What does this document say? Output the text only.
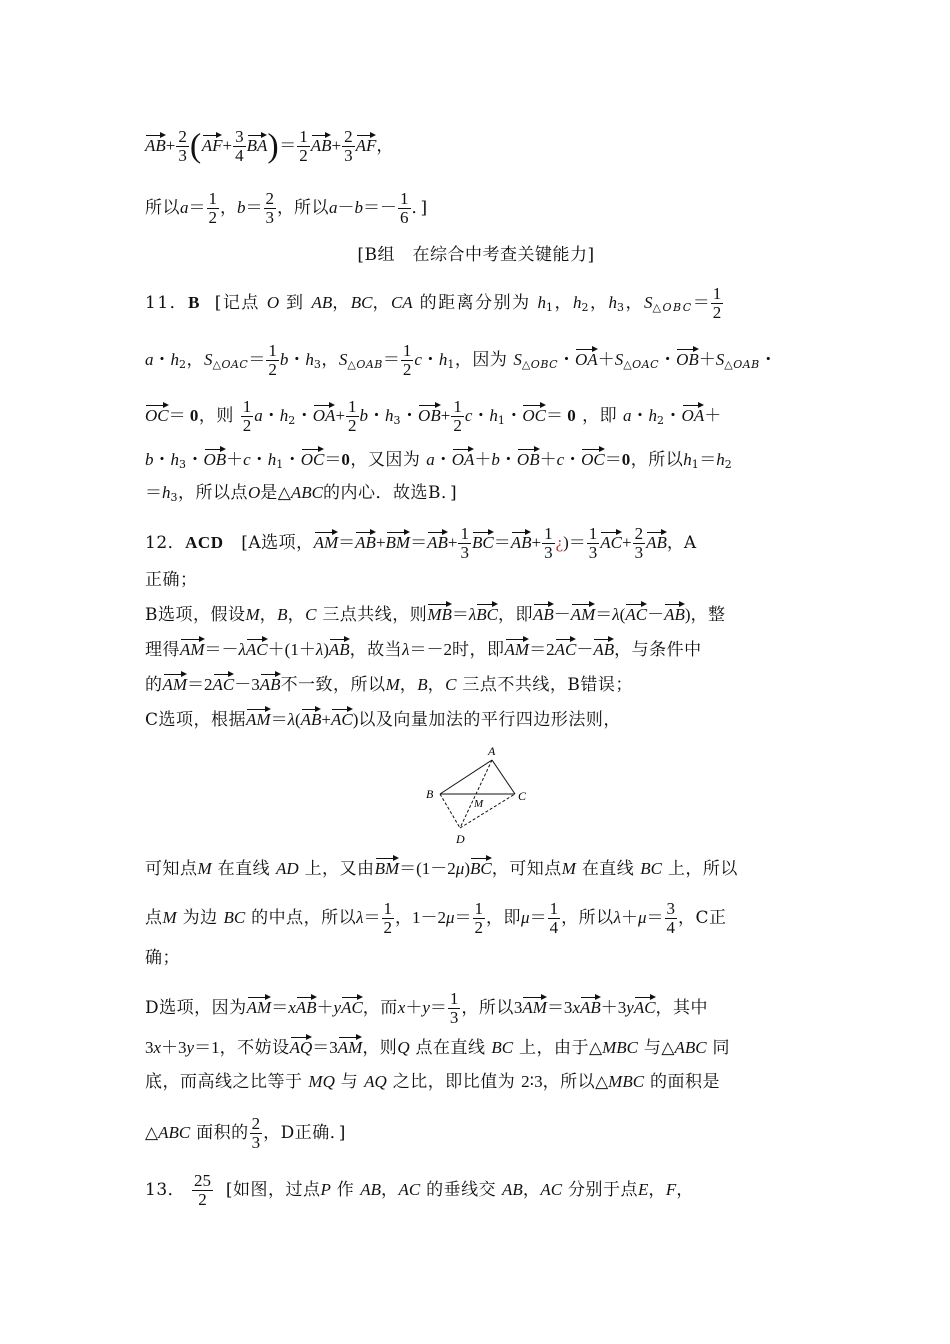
$AB+ \frac{2}{3} (AF+ \frac{3}{4} BA)= \frac{1}{2} AB+ \frac{2}{3}$ AF，
所以$a= \frac{1}{2}$ ，$b= \frac{2}{3}$ ，所以$a-b=- \frac{1}{6}$ ．]
[B组　在综合中考查关键能力]
11．B [记点 O 到 AB，BC，CA 的距离分别为 $h_1$，$h_2$，$h_3$，$S_{\triangle OBC}= \frac{1}{2}$
a・$h_2$，$S_{\triangle OAC}= \frac{1}{2}$ b・$h_3$，$S_{\triangle OAB}= \frac{1}{2}$ c・$h_1$，因为 $S_{\triangle OBC}$・$OA+S_{\triangle OAC}$・$OB+S_{\triangle OAB}$・
OC＝ 0，则 $\frac{1}{2}$ a・$h_2$・$OA+ \frac{1}{2}$ b・$h_3$・$OB+ \frac{1}{2}$ c・$h_1$・OC＝ 0 ，即 a・$h_2$・OA＋
b・$h_3$・OB＋c・$h_1$・OC＝0，又因为 a・OA＋b・OB＋c・OC＝0，所以$h_1=h_2$
$=h_3$，所以点O是△ABC的内心．故选B．]
12．ACD [A选项，$AM=AB+BM=AB+ \frac{1}{3} BC=AB+ \frac{1}{3}$ ¿)＝ $\frac{1}{3} AC+ \frac{2}{3}$ AB，A
正确；
B选项，假设M，B，C 三点共线，则MB＝λBC，即AB－AM＝λ(AC－AB)，整
理得AM＝－λAC＋(1＋λ)AB，故当λ＝－2时，即AM＝2AC－AB，与条件中
的AM＝2AC－3AB不一致，所以M，B，C 三点不共线，B错误；
C选项，根据AM＝λ(AB+AC)以及向量加法的平行四边形法则，
A
B	C
M
D
可知点M 在直线 AD 上，又由BM＝(1－2μ)BC，可知点M 在直线 BC 上，所以
点M 为边 BC 的中点，所以$\lambda= \frac{1}{2}$ ，$1-2\mu= \frac{1}{2}$ ，即$\mu= \frac{1}{4}$ ，所以$\lambda+\mu= \frac{3}{4}$ ，C正
确；
D选项，因为AM＝xAB＋yAC，而$x+y= \frac{1}{3}$ ，所以3AM＝3xAB＋3yAC，其中
3x＋3y＝1，不妨设AQ＝3AM，则Q 点在直线 BC 上，由于△MBC 与△ABC 同
底，而高线之比等于 MQ 与 AQ 之比，即比值为 2∶3，所以△MBC 的面积是
△ABC 面积的 $\frac{2}{3}$ ，D正确．]
13． $\frac{25}{2}$ [如图，过点P 作 AB，AC 的垂线交 AB，AC 分别于点E，F，
